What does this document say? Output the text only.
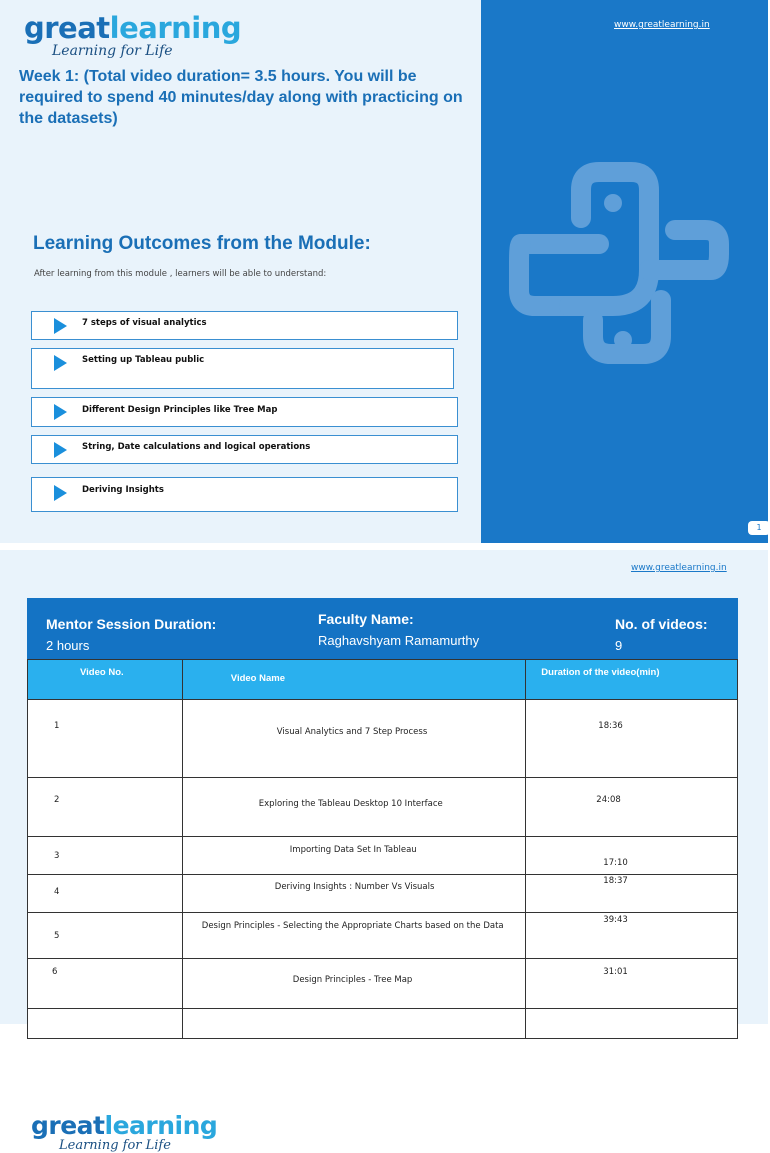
www.greatlearning.in
greatlearning
Learning for Life
Week 1: (Total video duration= 3.5 hours. You will be required to spend 40 minutes/day along with practicing on the datasets)
Learning Outcomes from the Module:
After learning from this module , learners will be able to understand:
7 steps of visual analytics
Setting up Tableau public
Different Design Principles like Tree Map
String, Date calculations and logical operations
Deriving Insights
1
greatlearning
Learning for Life
www.greatlearning.in
Mentor Session Duration:
2 hours
Faculty Name:
Raghavshyam Ramamurthy
No. of videos:
9
Video No.	Video Name	Duration of the video(min)

1	Visual Analytics and 7 Step Process	18:36

2	Exploring the Tableau Desktop 10 Interface	24:08

3	Importing Data Set In Tableau	17:10

4	Deriving Insights : Number Vs Visuals	18:37

5	Design Principles - Selecting the Appropriate Charts based on the Data	39:43

6	Design Principles - Tree Map	31:01
